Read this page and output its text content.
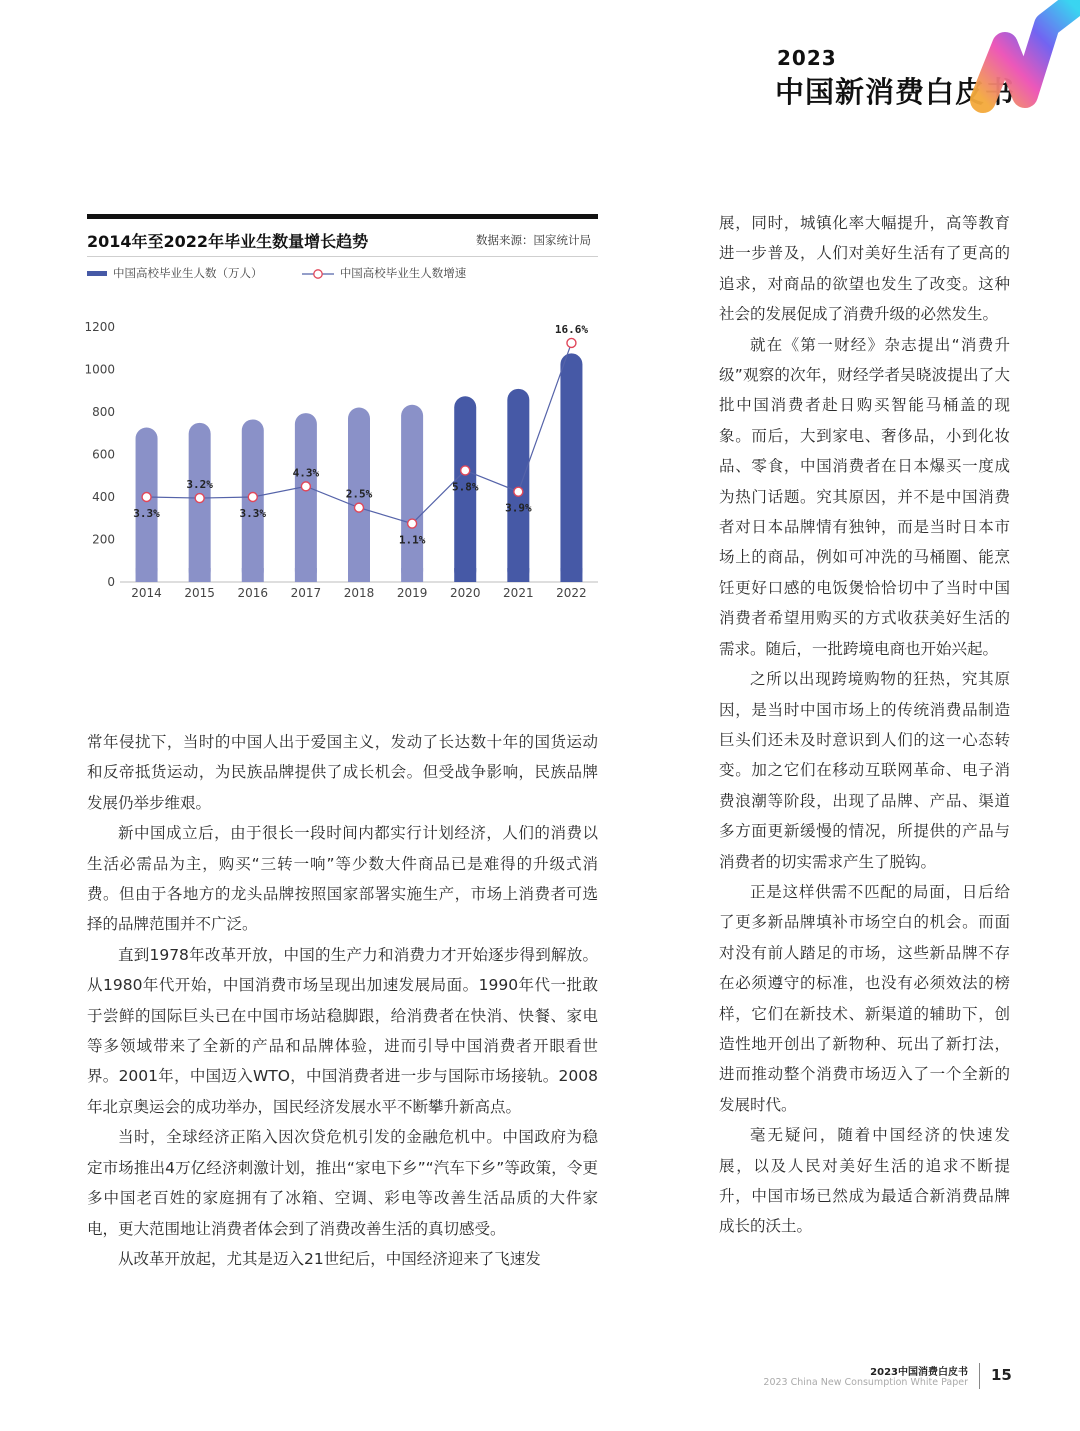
2023
中国新消费白皮书
2014年至2022年毕业生数量增长趋势	数据来源：国家统计局
中国高校毕业生人数（万人）	中国高校毕业生人数增速
0
200
400
600
800
1000
1200
2014 2015 2016 2017 2018 2019 2020 2021 2022
3.3%
3.2%
3.3%
4.3%
2.5%
1.1%
5.8%
3.9%
16.6%

常年侵扰下，当时的中国人出于爱国主义，发动了长达数十年的国货运动和反帝抵货运动，为民族品牌提供了成长机会。但受战争影响，民族品牌发展仍举步维艰。

新中国成立后，由于很长一段时间内都实行计划经济，人们的消费以生活必需品为主，购买“三转一响”等少数大件商品已是难得的升级式消费。但由于各地方的龙头品牌按照国家部署实施生产，市场上消费者可选择的品牌范围并不广泛。

直到1978年改革开放，中国的生产力和消费力才开始逐步得到解放。从1980年代开始，中国消费市场呈现出加速发展局面。1990年代一批敢于尝鲜的国际巨头已在中国市场站稳脚跟，给消费者在快消、快餐、家电等多领域带来了全新的产品和品牌体验，进而引导中国消费者开眼看世界。2001年，中国迈入WTO，中国消费者进一步与国际市场接轨。2008年北京奥运会的成功举办，国民经济发展水平不断攀升新高点。

当时，全球经济正陷入因次贷危机引发的金融危机中。中国政府为稳定市场推出4万亿经济刺激计划，推出“家电下乡”“汽车下乡”等政策，令更多中国老百姓的家庭拥有了冰箱、空调、彩电等改善生活品质的大件家电，更大范围地让消费者体会到了消费改善生活的真切感受。

从改革开放起，尤其是迈入21世纪后，中国经济迎来了飞速发

展，同时，城镇化率大幅提升，高等教育进一步普及，人们对美好生活有了更高的追求，对商品的欲望也发生了改变。这种社会的发展促成了消费升级的必然发生。

就在《第一财经》杂志提出“消费升级”观察的次年，财经学者吴晓波提出了大批中国消费者赴日购买智能马桶盖的现象。而后，大到家电、奢侈品，小到化妆品、零食，中国消费者在日本爆买一度成为热门话题。究其原因，并不是中国消费者对日本品牌情有独钟，而是当时日本市场上的商品，例如可冲洗的马桶圈、能烹饪更好口感的电饭煲恰恰切中了当时中国消费者希望用购买的方式收获美好生活的需求。随后，一批跨境电商也开始兴起。

之所以出现跨境购物的狂热，究其原因，是当时中国市场上的传统消费品制造巨头们还未及时意识到人们的这一心态转变。加之它们在移动互联网革命、电子消费浪潮等阶段，出现了品牌、产品、渠道多方面更新缓慢的情况，所提供的产品与消费者的切实需求产生了脱钩。

正是这样供需不匹配的局面，日后给了更多新品牌填补市场空白的机会。而面对没有前人踏足的市场，这些新品牌不存在必须遵守的标准，也没有必须效法的榜样，它们在新技术、新渠道的辅助下，创造性地开创出了新物种、玩出了新打法，进而推动整个消费市场迈入了一个全新的发展时代。

毫无疑问，随着中国经济的快速发展，以及人民对美好生活的追求不断提升，中国市场已然成为最适合新消费品牌成长的沃土。

2023中国消费白皮书
2023 China New Consumption White Paper 15
